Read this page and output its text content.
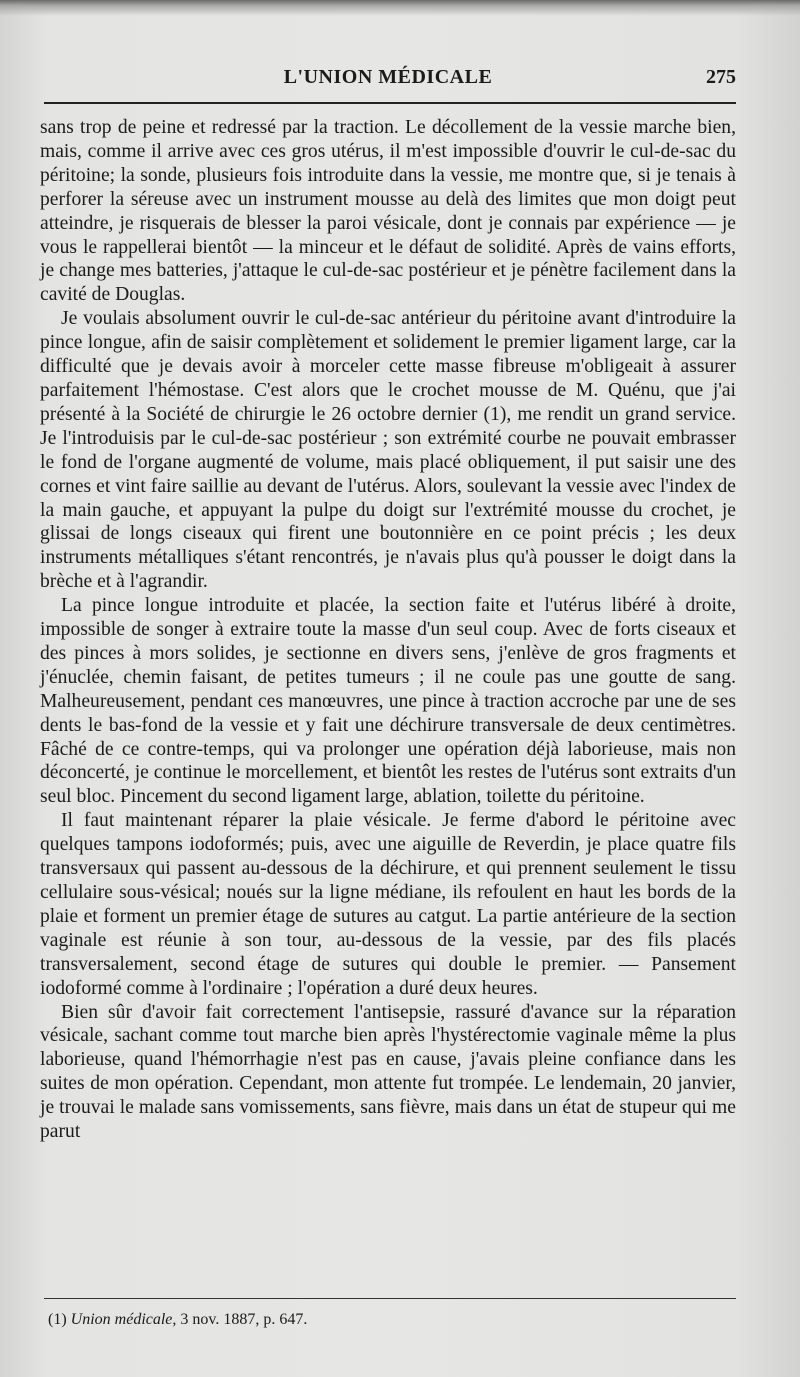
L'UNION MÉDICALE	275

sans trop de peine et redressé par la traction. Le décollement de la vessie marche bien, mais, comme il arrive avec ces gros utérus, il m'est impossible d'ouvrir le cul-de-sac du péritoine; la sonde, plusieurs fois introduite dans la vessie, me montre que, si je tenais à perforer la séreuse avec un instrument mousse au delà des limites que mon doigt peut atteindre, je risquerais de blesser la paroi vésicale, dont je connais par expérience — je vous le rappellerai bientôt — la minceur et le défaut de solidité. Après de vains efforts, je change mes batteries, j'attaque le cul-de-sac postérieur et je pénètre facilement dans la cavité de Douglas.

Je voulais absolument ouvrir le cul-de-sac antérieur du péritoine avant d'introduire la pince longue, afin de saisir complètement et solidement le premier ligament large, car la difficulté que je devais avoir à morceler cette masse fibreuse m'obligeait à assurer parfaitement l'hémostase. C'est alors que le crochet mousse de M. Quénu, que j'ai présenté à la Société de chirurgie le 26 octobre dernier (1), me rendit un grand service. Je l'introduisis par le cul-de-sac postérieur ; son extrémité courbe ne pouvait embrasser le fond de l'organe augmenté de volume, mais placé obliquement, il put saisir une des cornes et vint faire saillie au devant de l'utérus. Alors, soulevant la vessie avec l'index de la main gauche, et appuyant la pulpe du doigt sur l'extrémité mousse du crochet, je glissai de longs ciseaux qui firent une boutonnière en ce point précis ; les deux instruments métalliques s'étant rencontrés, je n'avais plus qu'à pousser le doigt dans la brèche et à l'agrandir.

La pince longue introduite et placée, la section faite et l'utérus libéré à droite, impossible de songer à extraire toute la masse d'un seul coup. Avec de forts ciseaux et des pinces à mors solides, je sectionne en divers sens, j'enlève de gros fragments et j'énucléе, chemin faisant, de petites tumeurs ; il ne coule pas une goutte de sang. Malheureusement, pendant ces manœuvres, une pince à traction accroche par une de ses dents le bas-fond de la vessie et y fait une déchirure transversale de deux centimètres. Fâché de ce contre-temps, qui va prolonger une opération déjà laborieuse, mais non déconcerté, je continue le morcellement, et bientôt les restes de l'utérus sont extraits d'un seul bloc. Pincement du second ligament large, ablation, toilette du péritoine.

Il faut maintenant réparer la plaie vésicale. Je ferme d'abord le péritoine avec quelques tampons iodoformés; puis, avec une aiguille de Reverdin, je place quatre fils transversaux qui passent au-dessous de la déchirure, et qui prennent seulement le tissu cellulaire sous-vésical; noués sur la ligne médiane, ils refoulent en haut les bords de la plaie et forment un premier étage de sutures au catgut. La partie antérieure de la section vaginale est réunie à son tour, au-dessous de la vessie, par des fils placés transversalement, second étage de sutures qui double le premier. — Pansement iodoformé comme à l'ordinaire ; l'opération a duré deux heures.

Bien sûr d'avoir fait correctement l'antisepsie, rassuré d'avance sur la réparation vésicale, sachant comme tout marche bien après l'hystérectomie vaginale même la plus laborieuse, quand l'hémorrhagie n'est pas en cause, j'avais pleine confiance dans les suites de mon opération. Cependant, mon attente fut trompée. Le lendemain, 20 janvier, je trouvai le malade sans vomissements, sans fièvre, mais dans un état de stupeur qui me parut

(1) Union médicale, 3 nov. 1887, p. 647.
